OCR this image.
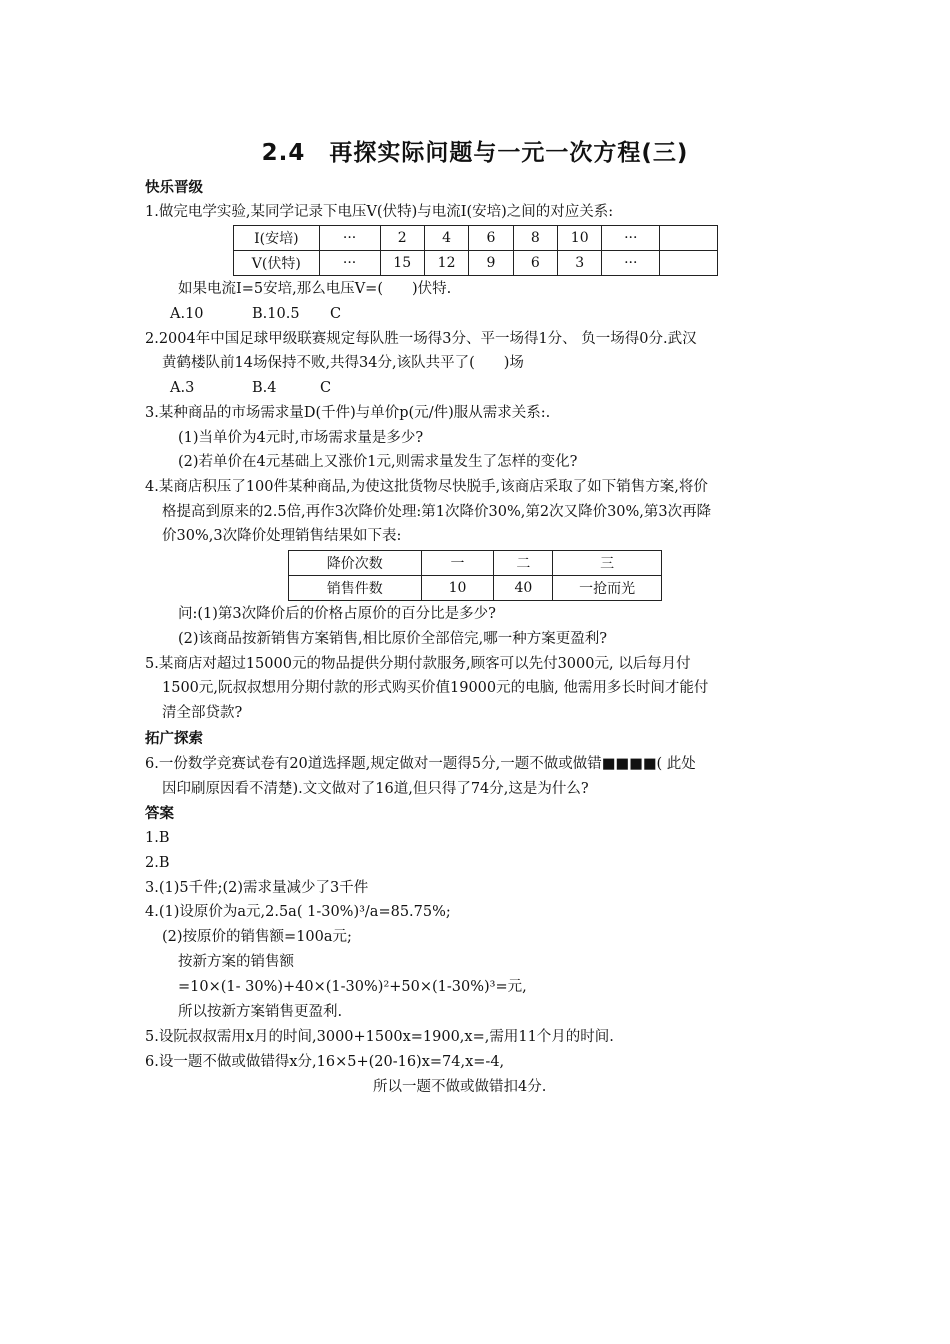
2.4　再探实际问题与一元一次方程(三)
快乐晋级
1.做完电学实验,某同学记录下电压V(伏特)与电流I(安培)之间的对应关系:
I(安培)	···	2	4	6	8	10	···	
V(伏特)	···	15	12	9	6	3	···	
如果电流I=5安培,那么电压V=(　　)伏特.
A.10	B.10.5 C
2.2004年中国足球甲级联赛规定每队胜一场得3分、平一场得1分、 负一场得0分.武汉
黄鹤楼队前14场保持不败,共得34分,该队共平了(　　)场
A.3	B.4	C
3.某种商品的市场需求量D(千件)与单价p(元/件)服从需求关系:.
(1)当单价为4元时,市场需求量是多少?
(2)若单价在4元基础上又涨价1元,则需求量发生了怎样的变化?
4.某商店积压了100件某种商品,为使这批货物尽快脱手,该商店采取了如下销售方案,将价
格提高到原来的2.5倍,再作3次降价处理:第1次降价30%,第2次又降价30%,第3次再降
价30%,3次降价处理销售结果如下表:
降价次数	一	二	三
销售件数	10	40	一抢而光
问:(1)第3次降价后的价格占原价的百分比是多少?
(2)该商品按新销售方案销售,相比原价全部倍完,哪一种方案更盈利?
5.某商店对超过15000元的物品提供分期付款服务,顾客可以先付3000元, 以后每月付
1500元,阮叔叔想用分期付款的形式购买价值19000元的电脑, 他需用多长时间才能付
清全部贷款?
拓广探索
6.一份数学竞赛试卷有20道选择题,规定做对一题得5分,一题不做或做错■■■■( 此处
因印刷原因看不清楚).文文做对了16道,但只得了74分,这是为什么?
答案
1.B
2.B
3.(1)5千件;(2)需求量减少了3千件
4.(1)设原价为a元,2.5a( 1-30%)³/a=85.75%;
(2)按原价的销售额=100a元;
按新方案的销售额
=10×(1- 30%)+40×(1-30%)²+50×(1-30%)³=元,
所以按新方案销售更盈利.
5.设阮叔叔需用x月的时间,3000+1500x=1900,x=,需用11个月的时间.
6.设一题不做或做错得x分,16×5+(20-16)x=74,x=-4,
所以一题不做或做错扣4分.
